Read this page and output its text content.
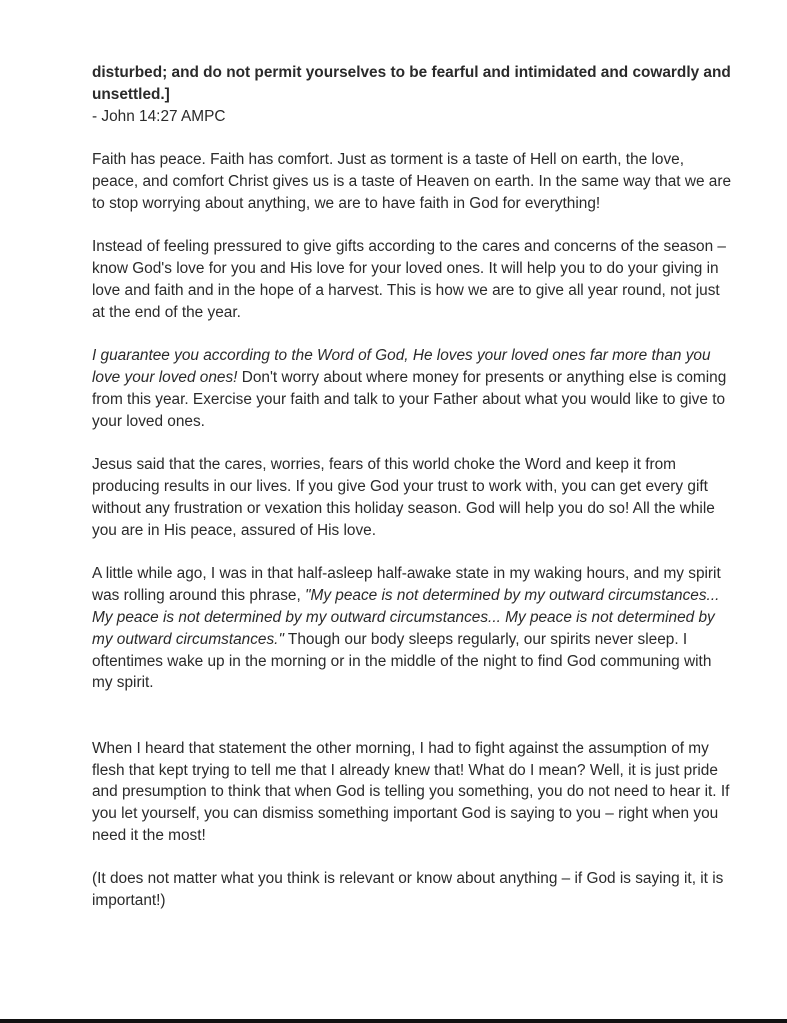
disturbed; and do not permit yourselves to be fearful and intimidated and cowardly and unsettled.]

- John 14:27 AMPC

Faith has peace. Faith has comfort. Just as torment is a taste of Hell on earth, the love, peace, and comfort Christ gives us is a taste of Heaven on earth. In the same way that we are to stop worrying about anything, we are to have faith in God for everything!

Instead of feeling pressured to give gifts according to the cares and concerns of the season – know God's love for you and His love for your loved ones. It will help you to do your giving in love and faith and in the hope of a harvest. This is how we are to give all year round, not just at the end of the year.

I guarantee you according to the Word of God, He loves your loved ones far more than you love your loved ones! Don't worry about where money for presents or anything else is coming from this year. Exercise your faith and talk to your Father about what you would like to give to your loved ones.

Jesus said that the cares, worries, fears of this world choke the Word and keep it from producing results in our lives. If you give God your trust to work with, you can get every gift without any frustration or vexation this holiday season. God will help you do so! All the while you are in His peace, assured of His love.

A little while ago, I was in that half-asleep half-awake state in my waking hours, and my spirit was rolling around this phrase, "My peace is not determined by my outward circumstances... My peace is not determined by my outward circumstances... My peace is not determined by my outward circumstances." Though our body sleeps regularly, our spirits never sleep. I oftentimes wake up in the morning or in the middle of the night to find God communing with my spirit.

When I heard that statement the other morning, I had to fight against the assumption of my flesh that kept trying to tell me that I already knew that! What do I mean? Well, it is just pride and presumption to think that when God is telling you something, you do not need to hear it. If you let yourself, you can dismiss something important God is saying to you – right when you need it the most!

(It does not matter what you think is relevant or know about anything – if God is saying it, it is important!)
